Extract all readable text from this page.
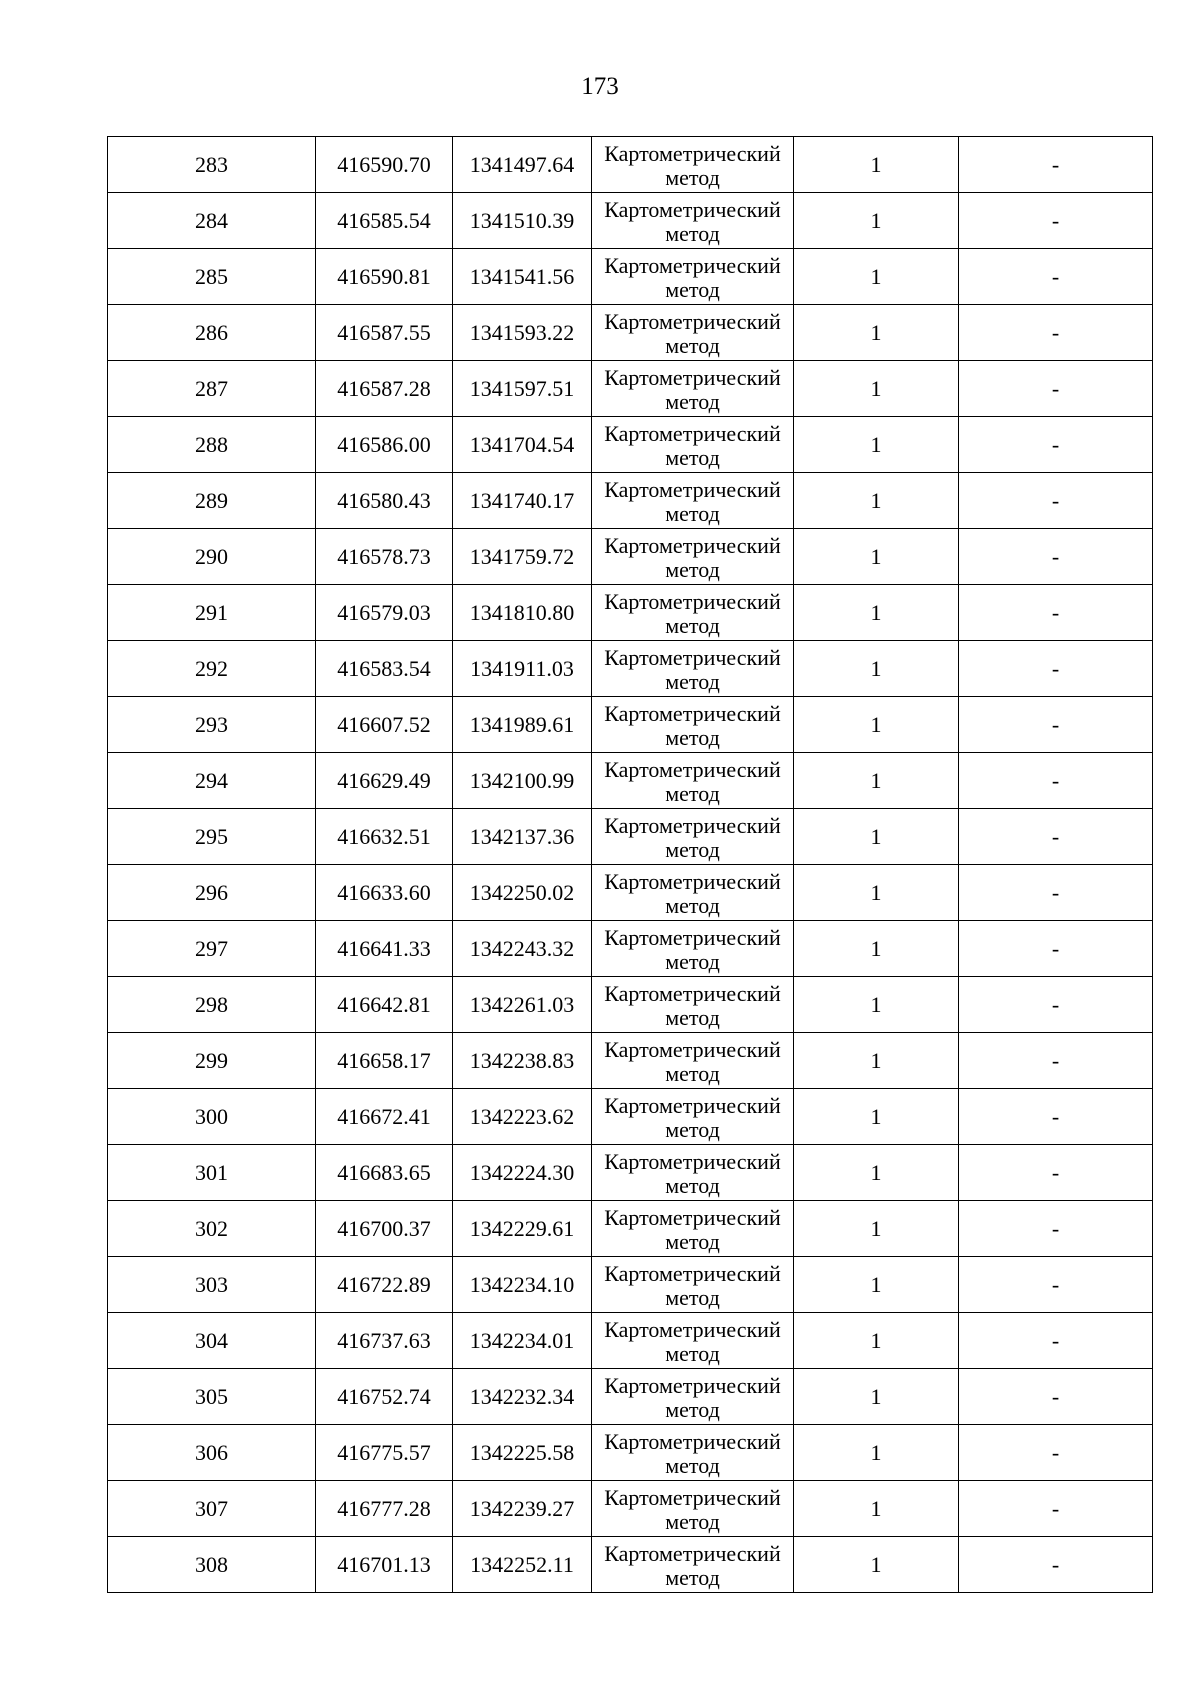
173
283	416590.70	1341497.64	Картометрический метод	1	-
284	416585.54	1341510.39	Картометрический метод	1	-
285	416590.81	1341541.56	Картометрический метод	1	-
286	416587.55	1341593.22	Картометрический метод	1	-
287	416587.28	1341597.51	Картометрический метод	1	-
288	416586.00	1341704.54	Картометрический метод	1	-
289	416580.43	1341740.17	Картометрический метод	1	-
290	416578.73	1341759.72	Картометрический метод	1	-
291	416579.03	1341810.80	Картометрический метод	1	-
292	416583.54	1341911.03	Картометрический метод	1	-
293	416607.52	1341989.61	Картометрический метод	1	-
294	416629.49	1342100.99	Картометрический метод	1	-
295	416632.51	1342137.36	Картометрический метод	1	-
296	416633.60	1342250.02	Картометрический метод	1	-
297	416641.33	1342243.32	Картометрический метод	1	-
298	416642.81	1342261.03	Картометрический метод	1	-
299	416658.17	1342238.83	Картометрический метод	1	-
300	416672.41	1342223.62	Картометрический метод	1	-
301	416683.65	1342224.30	Картометрический метод	1	-
302	416700.37	1342229.61	Картометрический метод	1	-
303	416722.89	1342234.10	Картометрический метод	1	-
304	416737.63	1342234.01	Картометрический метод	1	-
305	416752.74	1342232.34	Картометрический метод	1	-
306	416775.57	1342225.58	Картометрический метод	1	-
307	416777.28	1342239.27	Картометрический метод	1	-
308	416701.13	1342252.11	Картометрический метод	1	-
